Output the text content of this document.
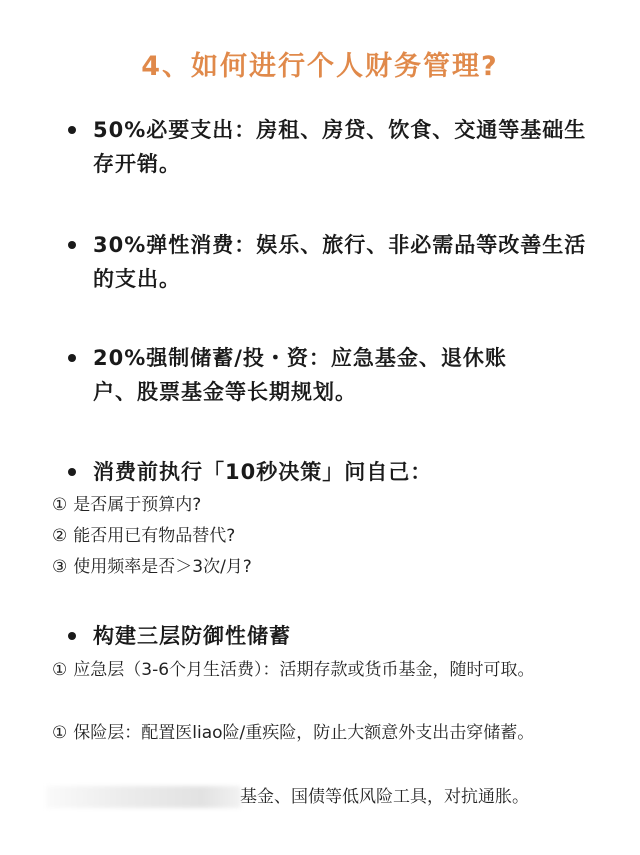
4、如何进行个人财务管理?
50%必要支出：房租、房贷、饮食、交通等基础生存开销。
30%弹性消费：娱乐、旅行、非必需品等改善生活的支出。
20%强制储蓄/投・资：应急基金、退休账户、股票基金等长期规划。
消费前执行「10秒决策」问自己：
① 是否属于预算内?
② 能否用已有物品替代?
③ 使用频率是否＞3次/月?
构建三层防御性储蓄
① 应急层（3-6个月生活费）：活期存款或货币基金，随时可取。
① 保险层：配置医liao险/重疾险，防止大额意外支出击穿储蓄。
基金、国债等低风险工具，对抗通胀。
